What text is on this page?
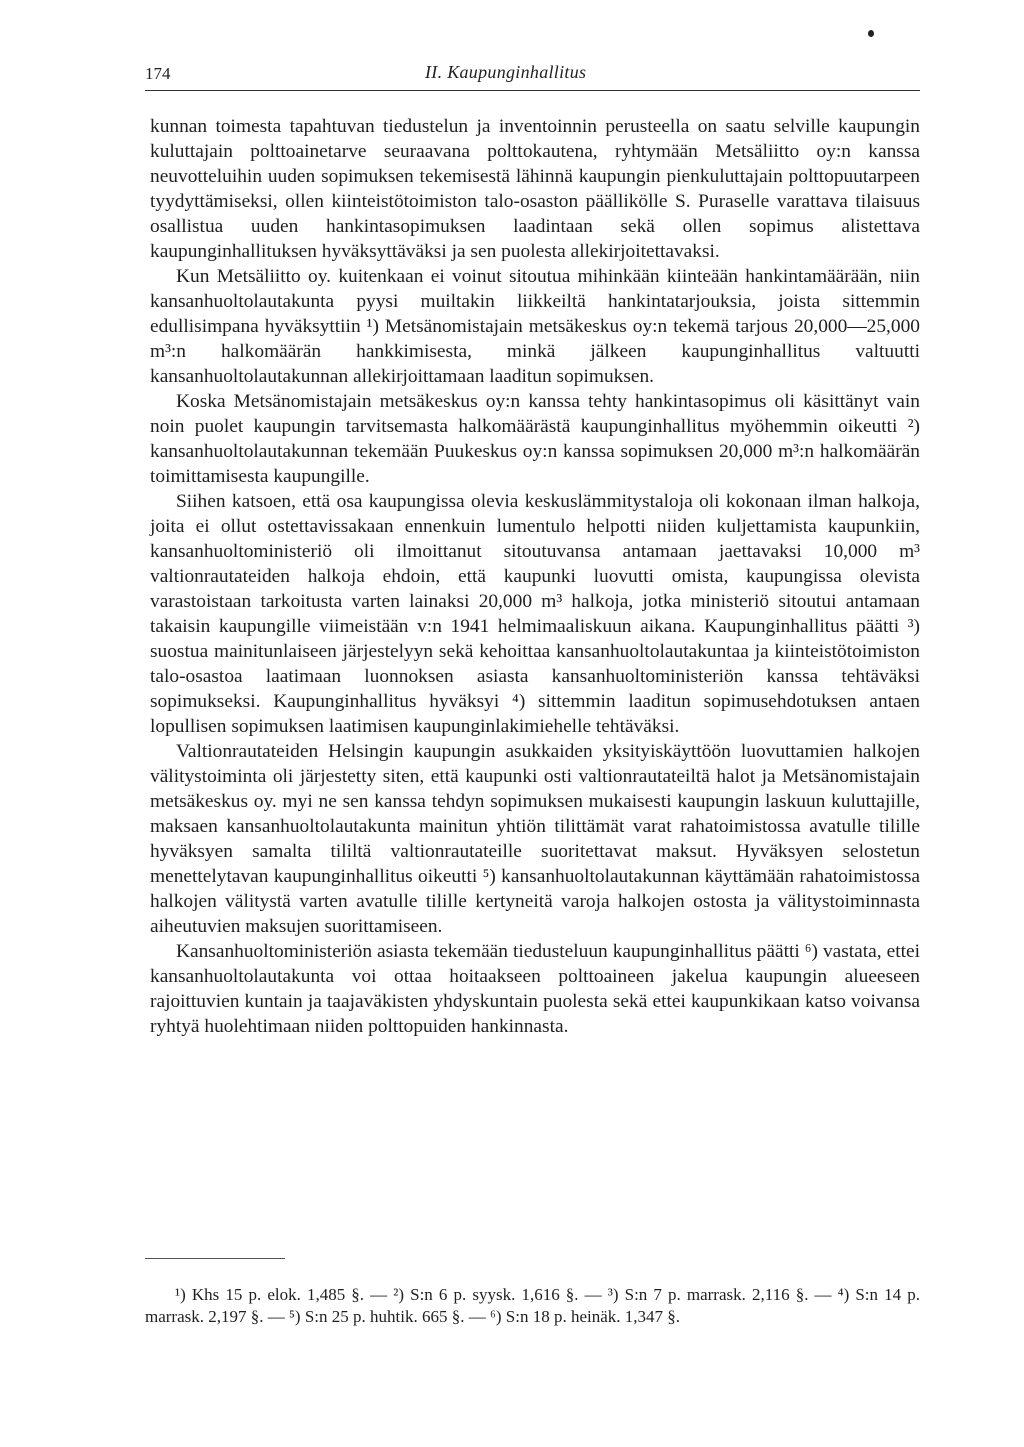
174	II. Kaupunginhallitus

kunnan toimesta tapahtuvan tiedustelun ja inventoinnin perusteella on saatu selville kaupungin kuluttajain polttoainetarve seuraavana polttokautena, ryhtymään Metsäliitto oy:n kanssa neuvotteluihin uuden sopimuksen tekemisestä lähinnä kaupungin pienkuluttajain polttopuutarpeen tyydyttämiseksi, ollen kiinteistötoimiston talo-osaston päällikölle S. Puraselle varattava tilaisuus osallistua uuden hankintasopimuksen laadintaan sekä ollen sopimus alistettava kaupunginhallituksen hyväksyttäväksi ja sen puolesta allekirjoitettavaksi.

Kun Metsäliitto oy. kuitenkaan ei voinut sitoutua mihinkään kiinteään hankintamäärään, niin kansanhuoltolautakunta pyysi muiltakin liikkeiltä hankintatarjouksia, joista sittemmin edullisimpana hyväksyttiin ¹) Metsänomistajain metsäkeskus oy:n tekemä tarjous 20,000—25,000 m³:n halkomäärän hankkimisesta, minkä jälkeen kaupunginhallitus valtuutti kansanhuoltolautakunnan allekirjoittamaan laaditun sopimuksen.

Koska Metsänomistajain metsäkeskus oy:n kanssa tehty hankintasopimus oli käsittänyt vain noin puolet kaupungin tarvitsemasta halkomäärästä kaupunginhallitus myöhemmin oikeutti ²) kansanhuoltolautakunnan tekemään Puukeskus oy:n kanssa sopimuksen 20,000 m³:n halkomäärän toimittamisesta kaupungille.

Siihen katsoen, että osa kaupungissa olevia keskuslämmitystaloja oli kokonaan ilman halkoja, joita ei ollut ostettavissakaan ennenkuin lumentulo helpotti niiden kuljettamista kaupunkiin, kansanhuoltoministeriö oli ilmoittanut sitoutuvansa antamaan jaettavaksi 10,000 m³ valtionrautateiden halkoja ehdoin, että kaupunki luovutti omista, kaupungissa olevista varastoistaan tarkoitusta varten lainaksi 20,000 m³ halkoja, jotka ministeriö sitoutui antamaan takaisin kaupungille viimeistään v:n 1941 helmimaaliskuun aikana. Kaupunginhallitus päätti ³) suostua mainitunlaiseen järjestelyyn sekä kehoittaa kansanhuoltolautakuntaa ja kiinteistötoimiston talo-osastoa laatimaan luonnoksen asiasta kansanhuoltoministeriön kanssa tehtäväksi sopimukseksi. Kaupunginhallitus hyväksyi ⁴) sittemmin laaditun sopimusehdotuksen antaen lopullisen sopimuksen laatimisen kaupunginlakimiehelle tehtäväksi.

Valtionrautateiden Helsingin kaupungin asukkaiden yksityiskäyttöön luovuttamien halkojen välitystoiminta oli järjestetty siten, että kaupunki osti valtionrautateiltä halot ja Metsänomistajain metsäkeskus oy. myi ne sen kanssa tehdyn sopimuksen mukaisesti kaupungin laskuun kuluttajille, maksaen kansanhuoltolautakunta mainitun yhtiön tilittämät varat rahatoimistossa avatulle tilille hyväksyen samalta tililtä valtionrautateille suoritettavat maksut. Hyväksyen selostetun menettelytavan kaupunginhallitus oikeutti ⁵) kansanhuoltolautakunnan käyttämään rahatoimistossa halkojen välitystä varten avatulle tilille kertyneitä varoja halkojen ostosta ja välitystoiminnasta aiheutuvien maksujen suorittamiseen.

Kansanhuoltoministeriön asiasta tekemään tiedusteluun kaupunginhallitus päätti ⁶) vastata, ettei kansanhuoltolautakunta voi ottaa hoitaakseen polttoaineen jakelua kaupungin alueeseen rajoittuvien kuntain ja taajaväkisten yhdyskuntain puolesta sekä ettei kaupunkikaan katso voivansa ryhtyä huolehtimaan niiden polttopuiden hankinnasta.

¹) Khs 15 p. elok. 1,485 §. — ²) S:n 6 p. syysk. 1,616 §. — ³) S:n 7 p. marrask. 2,116 §. — ⁴) S:n 14 p. marrask. 2,197 §. — ⁵) S:n 25 p. huhtik. 665 §. — ⁶) S:n 18 p. heinäk. 1,347 §.
